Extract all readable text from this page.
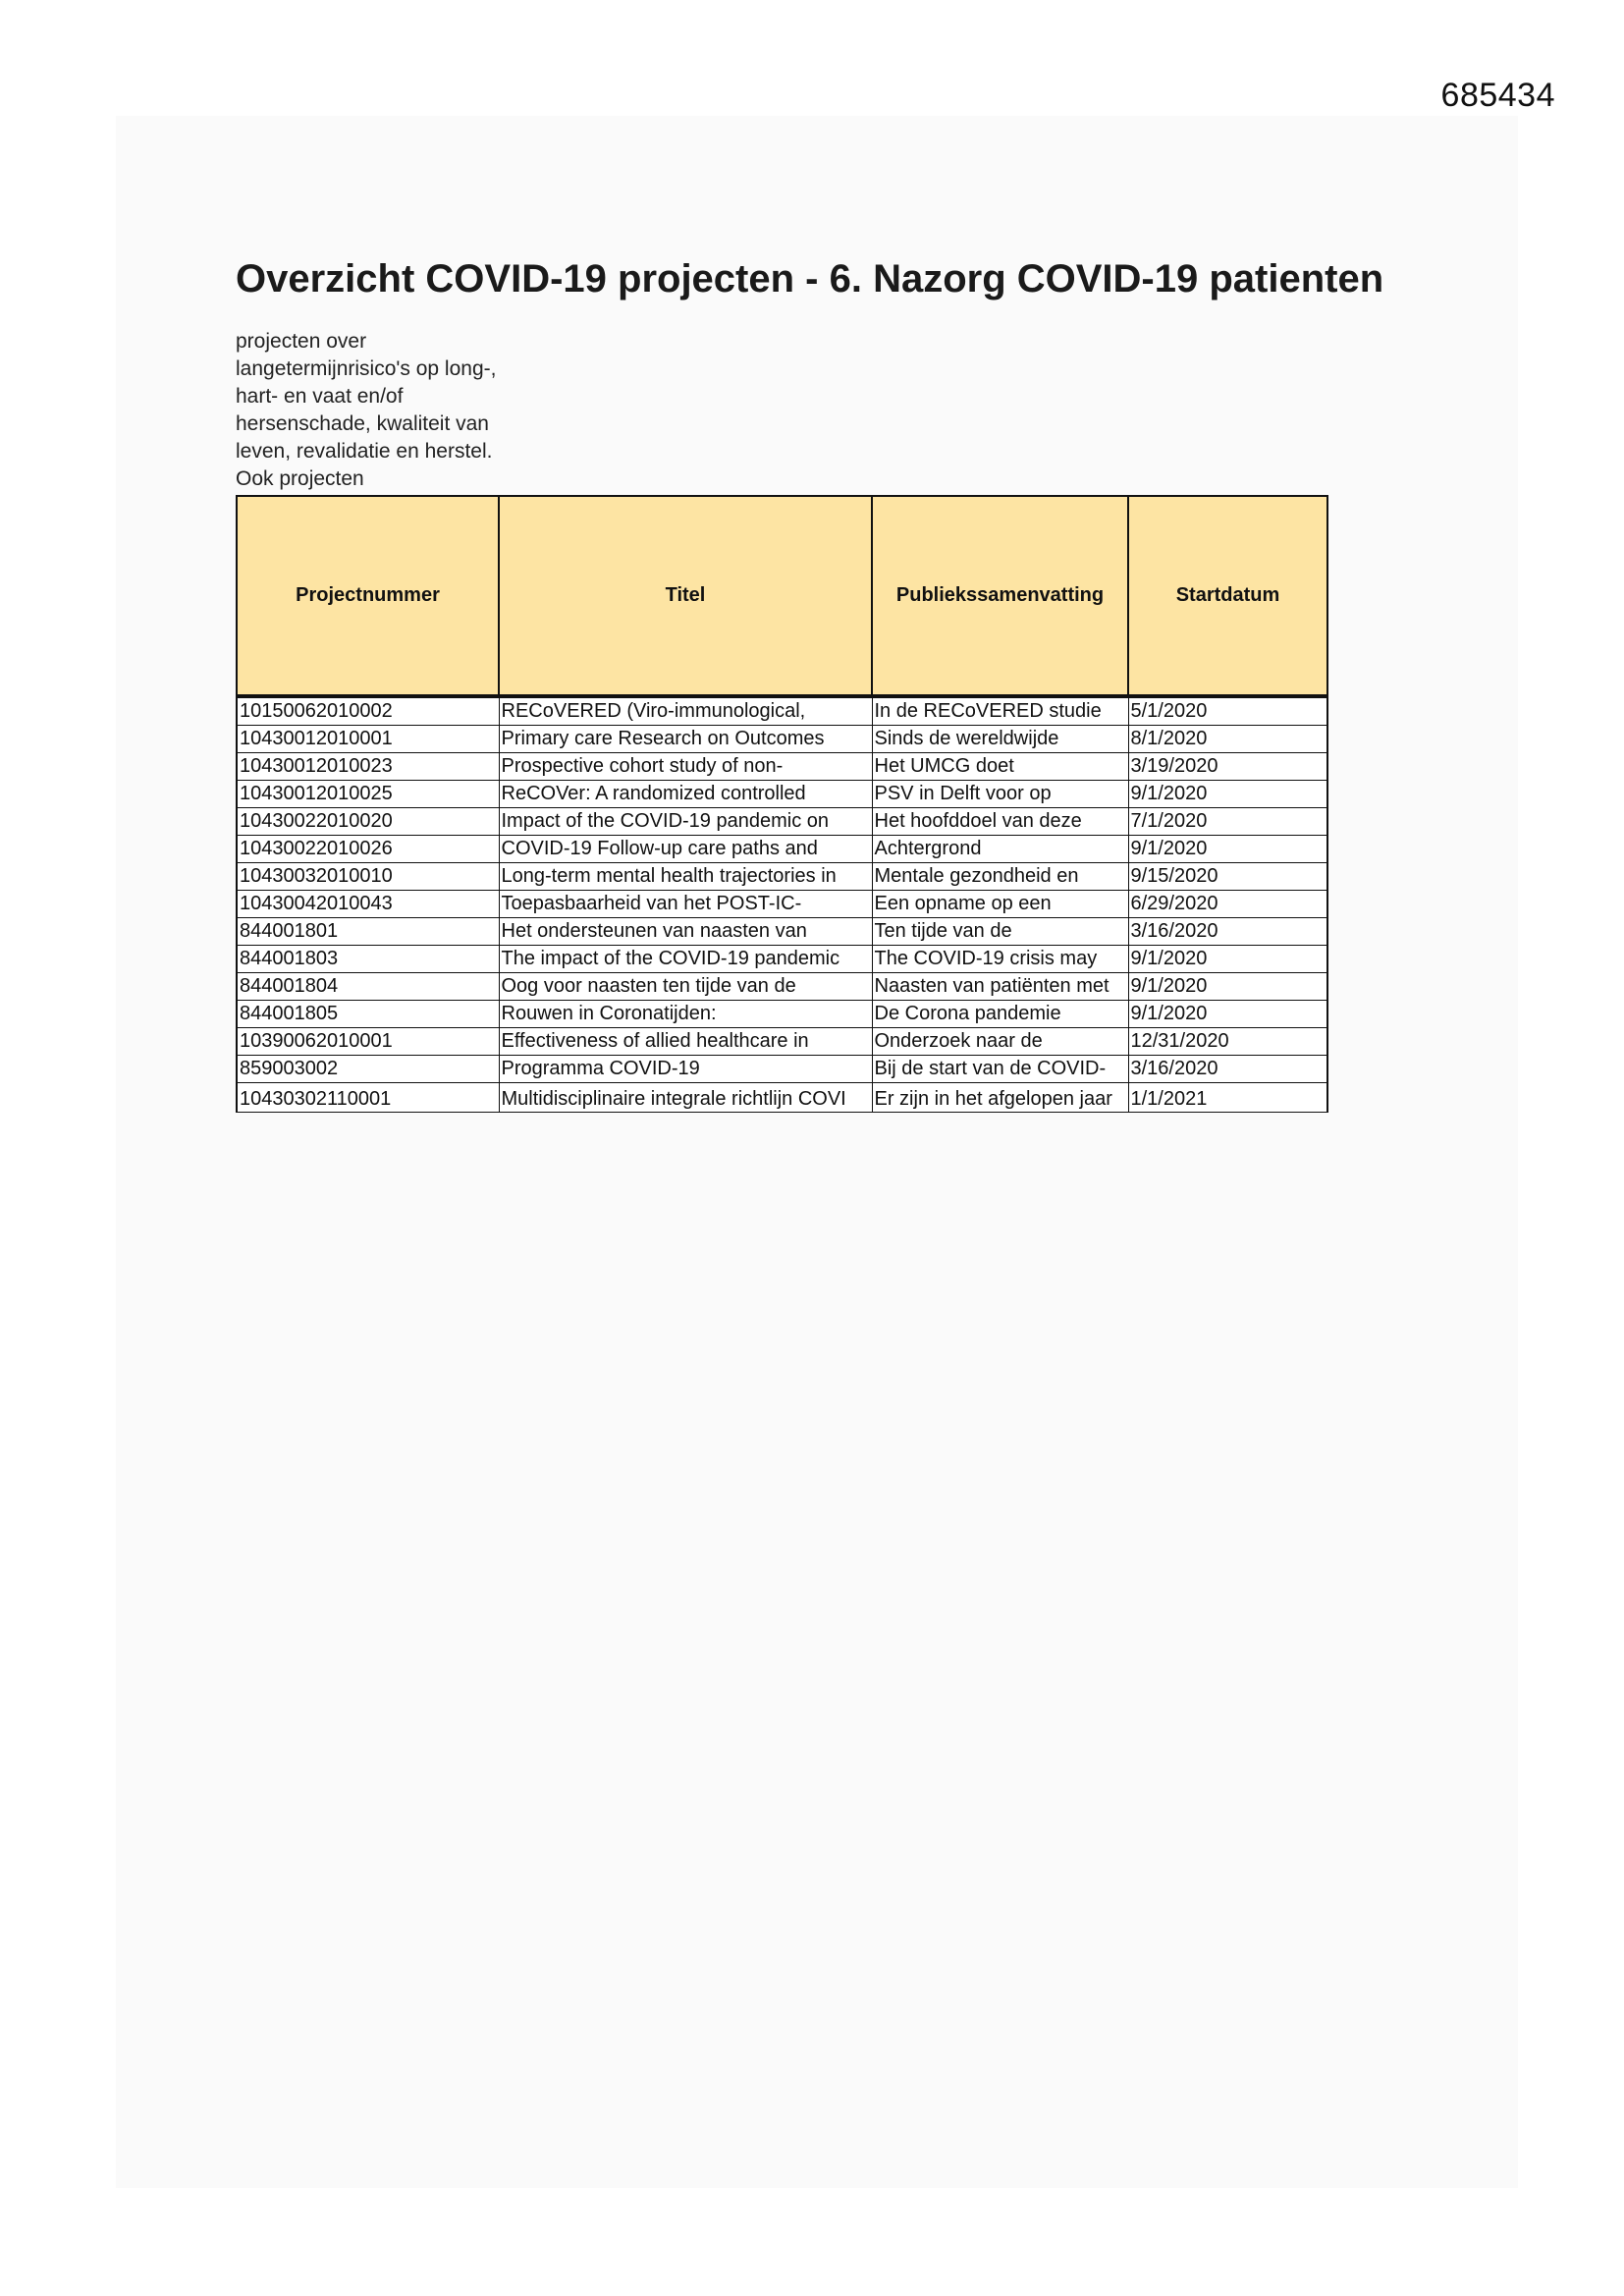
685434
Overzicht COVID-19 projecten - 6. Nazorg COVID-19 patienten
projecten over langetermijnrisico's op long-, hart- en vaat en/of hersenschade, kwaliteit van leven, revalidatie en herstel. Ook projecten
Projectnummer	Titel	Publiekssamenvatting	Startdatum
10150062010002	RECoVERED (Viro-immunological,	In de RECoVERED studie	5/1/2020
10430012010001	Primary care Research on Outcomes	Sinds de wereldwijde	8/1/2020
10430012010023	Prospective cohort study of non-	Het UMCG doet	3/19/2020
10430012010025	ReCOVer: A randomized controlled	PSV in Delft voor op	9/1/2020
10430022010020	Impact of the COVID-19 pandemic on	Het hoofddoel van deze	7/1/2020
10430022010026	COVID-19 Follow-up care paths and	Achtergrond	9/1/2020
10430032010010	Long-term mental health trajectories in	Mentale gezondheid en	9/15/2020
10430042010043	Toepasbaarheid van het POST-IC-	Een opname op een	6/29/2020
844001801	Het ondersteunen van naasten van	Ten tijde van de	3/16/2020
844001803	The impact of the COVID-19 pandemic	The COVID-19 crisis may	9/1/2020
844001804	Oog voor naasten ten tijde van de	Naasten van patiënten met	9/1/2020
844001805	Rouwen in Coronatijden:	De Corona pandemie	9/1/2020
10390062010001	Effectiveness of allied healthcare in	Onderzoek naar de	12/31/2020
859003002	Programma COVID-19	Bij de start van de COVID-	3/16/2020
10430302110001	Multidisciplinaire integrale richtlijn COVI	Er zijn in het afgelopen jaar	1/1/2021
